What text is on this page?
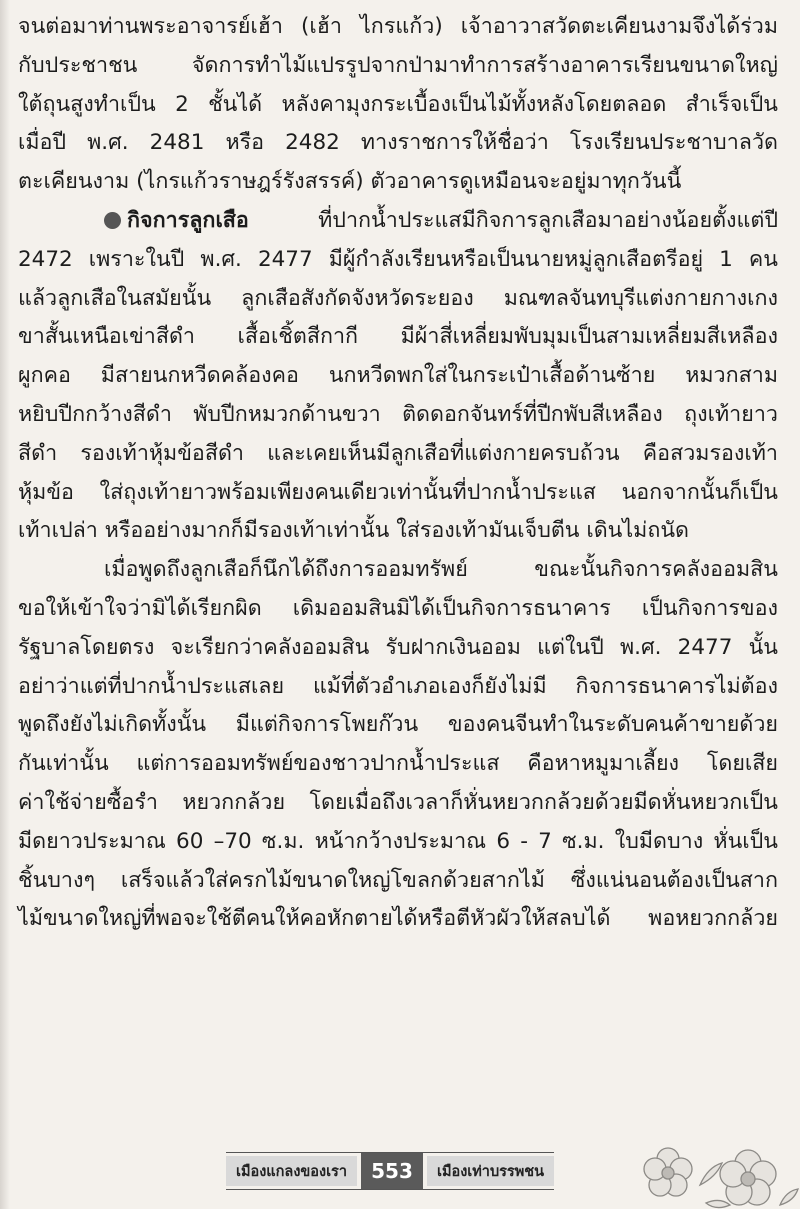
จนต่อมาท่านพระอาจารย์เฮ้า (เฮ้า ไกรแก้ว) เจ้าอาวาสวัดตะเคียนงามจึงได้ร่วม
กับประชาชน จัดการทำไม้แปรรูปจากป่ามาทำการสร้างอาคารเรียนขนาดใหญ่
ใต้ถุนสูงทำเป็น 2 ชั้นได้ หลังคามุงกระเบื้องเป็นไม้ทั้งหลังโดยตลอด สำเร็จเป็น
เมื่อปี พ.ศ. 2481 หรือ 2482 ทางราชการให้ชื่อว่า โรงเรียนประชาบาลวัด
ตะเคียนงาม (ไกรแก้วราษฎร์รังสรรค์) ตัวอาคารดูเหมือนจะอยู่มาทุกวันนี้

กิจการลูกเสือ	ที่ปากน้ำประแสมีกิจการลูกเสือมาอย่างน้อยตั้งแต่ปี
2472 เพราะในปี พ.ศ. 2477 มีผู้กำลังเรียนหรือเป็นนายหมู่ลูกเสือตรีอยู่ 1 คน
แล้วลูกเสือในสมัยนั้น ลูกเสือสังกัดจังหวัดระยอง มณฑลจันทบุรีแต่งกายกางเกง
ขาสั้นเหนือเข่าสีดำ เสื้อเชิ้ตสีกากี มีผ้าสี่เหลี่ยมพับมุมเป็นสามเหลี่ยมสีเหลือง
ผูกคอ มีสายนกหวีดคล้องคอ นกหวีดพกใส่ในกระเป๋าเสื้อด้านซ้าย หมวกสาม
หยิบปีกกว้างสีดำ พับปีกหมวกด้านขวา ติดดอกจันทร์ที่ปีกพับสีเหลือง ถุงเท้ายาว
สีดำ รองเท้าหุ้มข้อสีดำ และเคยเห็นมีลูกเสือที่แต่งกายครบถ้วน คือสวมรองเท้า
หุ้มข้อ ใส่ถุงเท้ายาวพร้อมเพียงคนเดียวเท่านั้นที่ปากน้ำประแส นอกจากนั้นก็เป็น
เท้าเปล่า หรืออย่างมากก็มีรองเท้าเท่านั้น ใส่รองเท้ามันเจ็บตีน เดินไม่ถนัด

เมื่อพูดถึงลูกเสือก็นึกได้ถึงการออมทรัพย์ ขณะนั้นกิจการคลังออมสิน
ขอให้เข้าใจว่ามิได้เรียกผิด เดิมออมสินมิได้เป็นกิจการธนาคาร เป็นกิจการของ
รัฐบาลโดยตรง จะเรียกว่าคลังออมสิน รับฝากเงินออม แต่ในปี พ.ศ. 2477 นั้น
อย่าว่าแต่ที่ปากน้ำประแสเลย แม้ที่ตัวอำเภอเองก็ยังไม่มี กิจการธนาคารไม่ต้อง
พูดถึงยังไม่เกิดทั้งนั้น มีแต่กิจการโพยก๊วน ของคนจีนทำในระดับคนค้าขายด้วย
กันเท่านั้น แต่การออมทรัพย์ของชาวปากน้ำประแส คือหาหมูมาเลี้ยง โดยเสีย
ค่าใช้จ่ายซื้อรำ หยวกกล้วย โดยเมื่อถึงเวลาก็หั่นหยวกกล้วยด้วยมีดหั่นหยวกเป็น
มีดยาวประมาณ 60 –70 ซ.ม. หน้ากว้างประมาณ 6 - 7 ซ.ม. ใบมีดบาง หั่นเป็น
ชิ้นบางๆ เสร็จแล้วใส่ครกไม้ขนาดใหญ่โขลกด้วยสากไม้ ซึ่งแน่นอนต้องเป็นสาก
ไม้ขนาดใหญ่ที่พอจะใช้ตีคนให้คอหักตายได้หรือตีหัวผัวให้สลบได้ พอหยวกกล้วย

เมืองแกลงของเรา	553	เมืองเท่าบรรพชน
